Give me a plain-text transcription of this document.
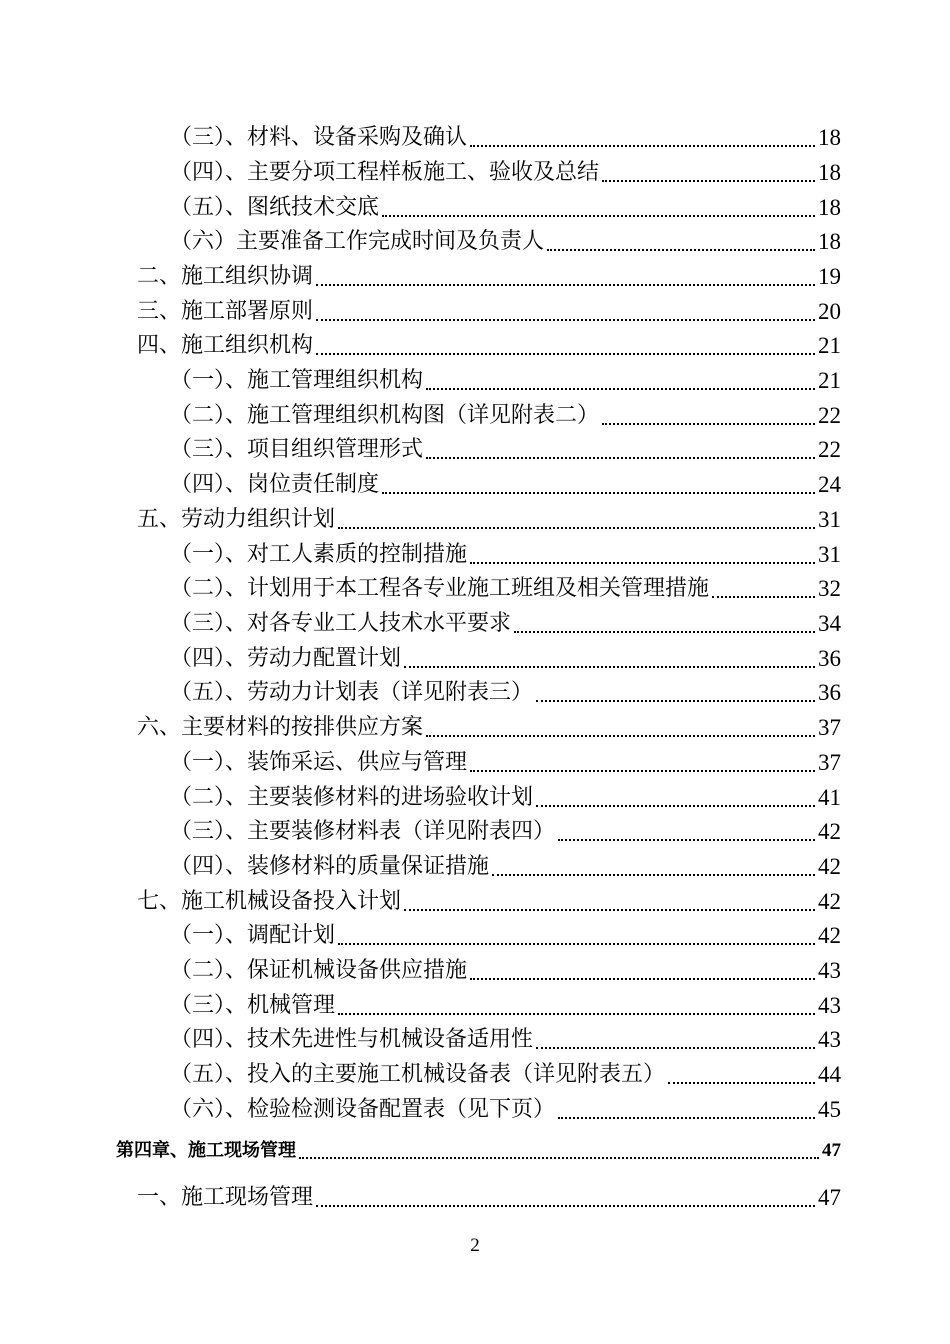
（三）、材料、设备采购及确认	18
（四）、主要分项工程样板施工、验收及总结	18
（五）、图纸技术交底	18
（六）主要准备工作完成时间及负责人	18
二、施工组织协调	19
三、施工部署原则	20
四、施工组织机构	21
（一）、施工管理组织机构	21
（二）、施工管理组织机构图（详见附表二）	22
（三）、项目组织管理形式	22
（四）、岗位责任制度	24
五、劳动力组织计划	31
（一）、对工人素质的控制措施	31
（二）、计划用于本工程各专业施工班组及相关管理措施	32
（三）、对各专业工人技术水平要求	34
（四）、劳动力配置计划	36
（五）、劳动力计划表（详见附表三）	36
六、主要材料的按排供应方案	37
（一）、装饰采运、供应与管理	37
（二）、主要装修材料的进场验收计划	41
（三）、主要装修材料表（详见附表四）	42
（四）、装修材料的质量保证措施	42
七、施工机械设备投入计划	42
（一）、调配计划	42
（二）、保证机械设备供应措施	43
（三）、机械管理	43
（四）、技术先进性与机械设备适用性	43
（五）、投入的主要施工机械设备表（详见附表五）	44
（六）、检验检测设备配置表（见下页）	45
第四章、施工现场管理	47
一、施工现场管理	47
2
